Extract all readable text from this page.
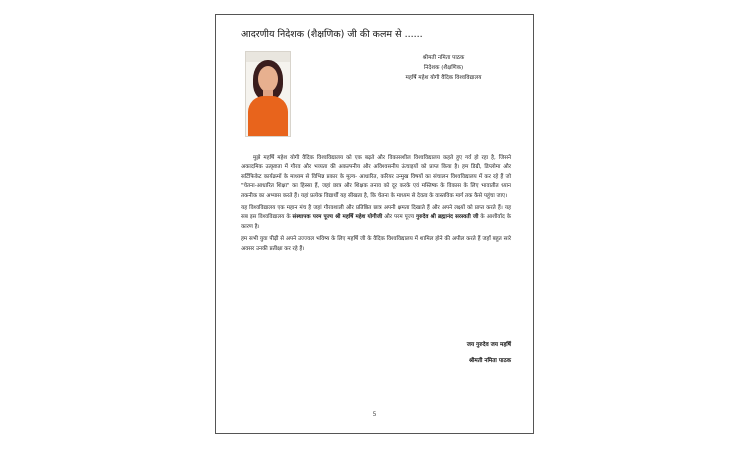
आदरणीय निदेशक (शैक्षणिक) जी की कलम से ......
श्रीमती नमिता पाठक
निदेशक (शैक्षणिक)
महर्षि महेश योगी वैदिक विश्वविद्यालय

मुझे महर्षि महेश योगी वैदिक विश्वविद्यालय को एक बढ़ते और विकासशील विश्वविद्यालय कहते हुए गर्व हो रहा है, जिसने अकादमिक उत्कृष्टता में गौरव और भव्यता की अकल्पनीय और अविश्वसनीय ऊंचाइयों को प्राप्त किया है। हम डिग्री, डिप्लोमा और सर्टिफिकेट कार्यक्रमों के माध्यम से विभिन्न प्रकार के मूल्य- आधारित, करियर उन्मुख विषयों का संचालन विश्वविद्यालय में कर रहे हैं जो "चेतना-आधारित शिक्षा" का हिस्सा हैं, जहां छात्र और शिक्षक तनाव को दूर करके एवं मस्तिष्क के विकास के लिए भावातीत ध्यान तकनीक का अभ्यास करते हैं। यहां प्रत्येक विद्यार्थी यह सीखता है, कि चेतना के माध्यम से देवत्व के वास्तविक मार्ग तक कैसे पहुंचा जाए।

यह विश्वविद्यालय एक महान मंच है जहां गौरवशाली और प्रतिष्ठित छात्र अपनी क्षमता दिखाते हैं और अपने लक्ष्यों को प्राप्त करते हैं। यह सब इस विश्वविद्यालय के संस्थापक परम पूज्य श्री महर्षि महेश योगीजी और परम पूज्य गुरुदेव श्री ब्रह्मानंद सरस्वती जी के आशीर्वाद के कारण है।

हम सभी युवा पीढ़ी से अपने उज्ज्वल भविष्य के लिए महर्षि जी के वैदिक विश्वविद्यालय में शामिल होने की अपील करते हैं जहाँ बहुत सारे अवसर उनकी प्रतीक्षा कर रहे हैं।

जय गुरुदेव जय महर्षि
श्रीमती नमिता पाठक
5
